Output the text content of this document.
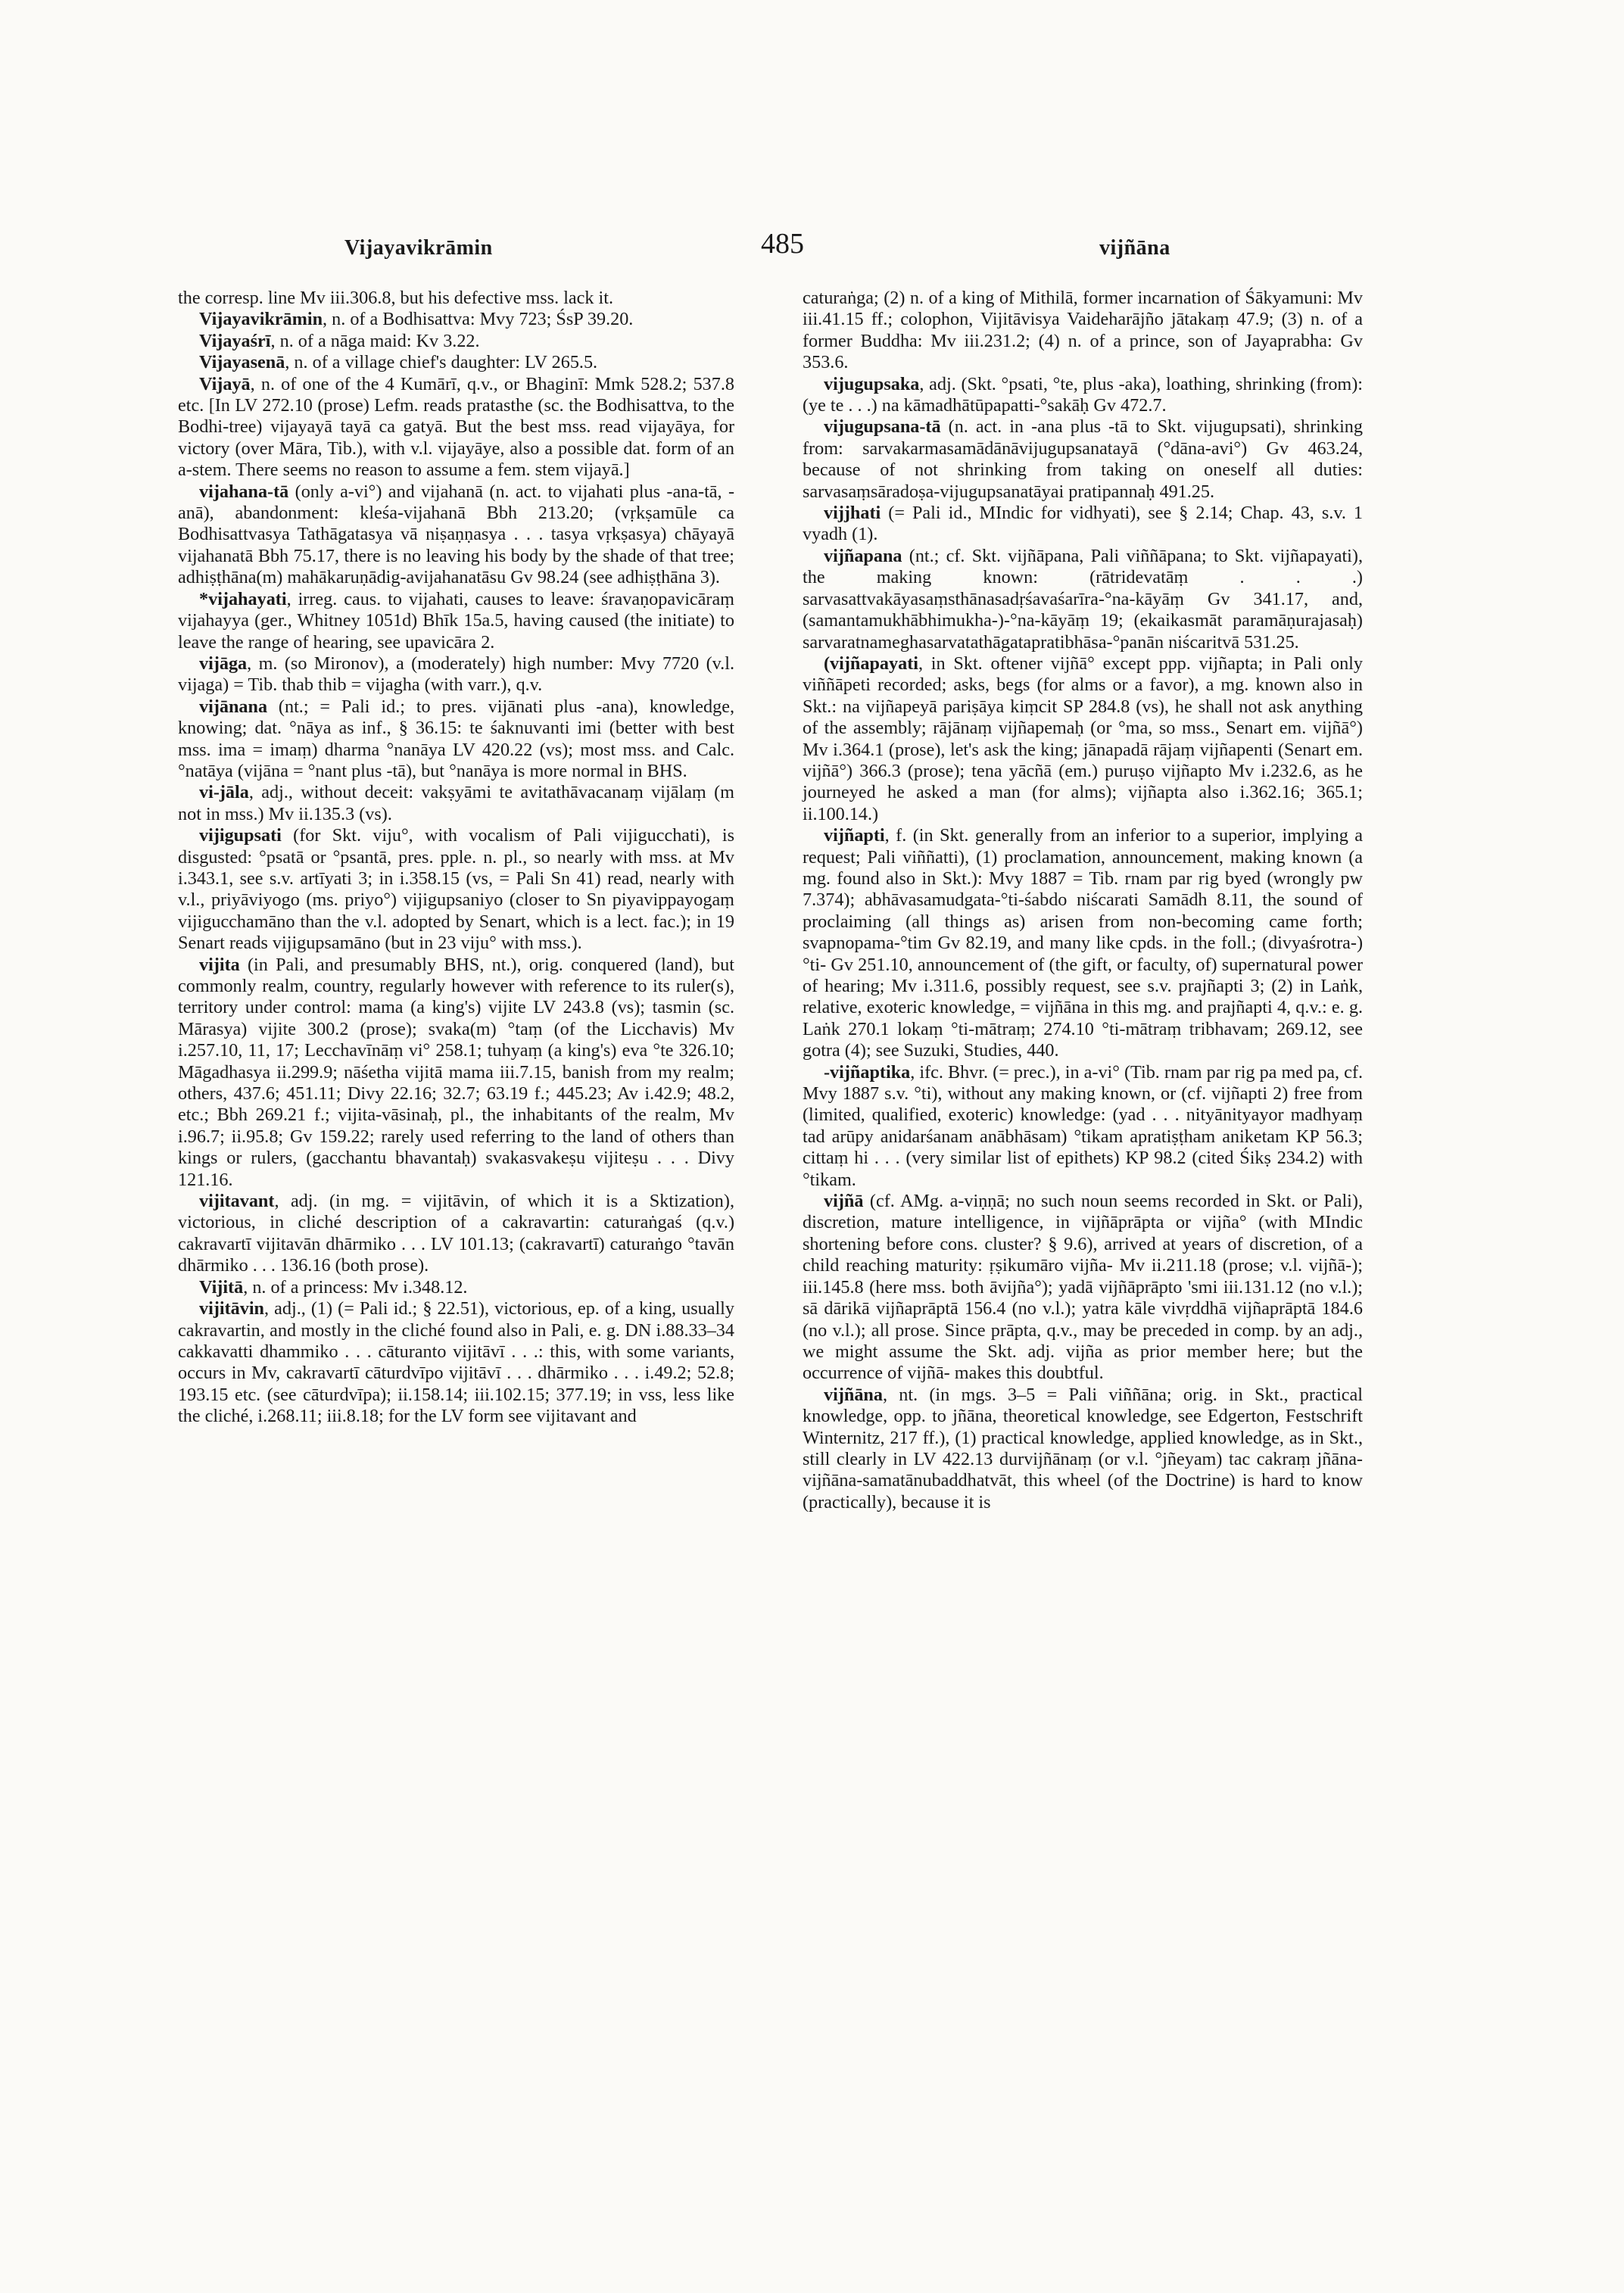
Vijayavikrāmin	485	vijñāna

the corresp. line Mv iii.306.8, but his defective mss. lack it.

Vijayavikrāmin, n. of a Bodhisattva: Mvy 723; ŚsP 39.20.

Vijayaśrī, n. of a nāga maid: Kv 3.22.

Vijayasenā, n. of a village chief's daughter: LV 265.5.

Vijayā, n. of one of the 4 Kumārī, q.v., or Bhaginī: Mmk 528.2; 537.8 etc. [In LV 272.10 (prose) Lefm. reads pratasthe (sc. the Bodhisattva, to the Bodhi-tree) vijayayā tayā ca gatyā. But the best mss. read vijayāya, for victory (over Māra, Tib.), with v.l. vijayāye, also a possible dat. form of an a-stem. There seems no reason to assume a fem. stem vijayā.]

vijahana-tā (only a-vi°) and vijahanā (n. act. to vijahati plus -ana-tā, -anā), abandonment: kleśa-vijahanā Bbh 213.20; (vṛkṣamūle ca Bodhisattvasya Tathāgatasya vā niṣaṇṇasya . . . tasya vṛkṣasya) chāyayā vijahanatā Bbh 75.17, there is no leaving his body by the shade of that tree; adhiṣṭhāna(m) mahākaruṇādig-avijahanatāsu Gv 98.24 (see adhiṣṭhāna 3).

*vijahayati, irreg. caus. to vijahati, causes to leave: śravaṇopavicāraṃ vijahayya (ger., Whitney 1051d) Bhīk 15a.5, having caused (the initiate) to leave the range of hearing, see upavicāra 2.

vijāga, m. (so Mironov), a (moderately) high number: Mvy 7720 (v.l. vijaga) = Tib. thab thib = vijagha (with varr.), q.v.

vijānana (nt.; = Pali id.; to pres. vijānati plus -ana), knowledge, knowing; dat. °nāya as inf., § 36.15: te śaknuvanti imi (better with best mss. ima = imaṃ) dharma °nanāya LV 420.22 (vs); most mss. and Calc. °natāya (vijāna = °nant plus -tā), but °nanāya is more normal in BHS.

vi-jāla, adj., without deceit: vakṣyāmi te avitathāvacanaṃ vijālaṃ (m not in mss.) Mv ii.135.3 (vs).

vijigupsati (for Skt. viju°, with vocalism of Pali vijigucchati), is disgusted: °psatā or °psantā, pres. pple. n. pl., so nearly with mss. at Mv i.343.1, see s.v. artīyati 3; in i.358.15 (vs, = Pali Sn 41) read, nearly with v.l., priyāviyogo (ms. priyo°) vijigupsaniyo (closer to Sn piyavippayogaṃ vijigucchamāno than the v.l. adopted by Senart, which is a lect. fac.); in 19 Senart reads vijigupsamāno (but in 23 viju° with mss.).

vijita (in Pali, and presumably BHS, nt.), orig. conquered (land), but commonly realm, country, regularly however with reference to its ruler(s), territory under control: mama (a king's) vijite LV 243.8 (vs); tasmin (sc. Mārasya) vijite 300.2 (prose); svaka(m) °taṃ (of the Licchavis) Mv i.257.10, 11, 17; Lecchavīnāṃ vi° 258.1; tuhyaṃ (a king's) eva °te 326.10; Māgadhasya ii.299.9; nāśetha vijitā mama iii.7.15, banish from my realm; others, 437.6; 451.11; Divy 22.16; 32.7; 63.19 f.; 445.23; Av i.42.9; 48.2, etc.; Bbh 269.21 f.; vijita-vāsinaḥ, pl., the inhabitants of the realm, Mv i.96.7; ii.95.8; Gv 159.22; rarely used referring to the land of others than kings or rulers, (gacchantu bhavantaḥ) svakasvakeṣu vijiteṣu . . . Divy 121.16.

vijitavant, adj. (in mg. = vijitāvin, of which it is a Sktization), victorious, in cliché description of a cakravartin: caturaṅgaś (q.v.) cakravartī vijitavān dhārmiko . . . LV 101.13; (cakravartī) caturaṅgo °tavān dhārmiko . . . 136.16 (both prose).

Vijitā, n. of a princess: Mv i.348.12.

vijitāvin, adj., (1) (= Pali id.; § 22.51), victorious, ep. of a king, usually cakravartin, and mostly in the cliché found also in Pali, e. g. DN i.88.33–34 cakkavatti dhammiko . . . cāturanto vijitāvī . . .: this, with some variants, occurs in Mv, cakravartī cāturdvīpo vijitāvī . . . dhārmiko . . . i.49.2; 52.8; 193.15 etc. (see cāturdvīpa); ii.158.14; iii.102.15; 377.19; in vss, less like the cliché, i.268.11; iii.8.18; for the LV form see vijitavant and

caturaṅga; (2) n. of a king of Mithilā, former incarnation of Śākyamuni: Mv iii.41.15 ff.; colophon, Vijitāvisya Vaideharājño jātakaṃ 47.9; (3) n. of a former Buddha: Mv iii.231.2; (4) n. of a prince, son of Jayaprabha: Gv 353.6.

vijugupsaka, adj. (Skt. °psati, °te, plus -aka), loathing, shrinking (from): (ye te . . .) na kāmadhātūpapatti-°sakāḥ Gv 472.7.

vijugupsana-tā (n. act. in -ana plus -tā to Skt. vijugupsati), shrinking from: sarvakarmasamādānāvijugupsanatayā (°dāna-avi°) Gv 463.24, because of not shrinking from taking on oneself all duties: sarvasaṃsāradoṣa-vijugupsanatāyai pratipannaḥ 491.25.

vijjhati (= Pali id., MIndic for vidhyati), see § 2.14; Chap. 43, s.v. 1 vyadh (1).

vijñapana (nt.; cf. Skt. vijñāpana, Pali viññāpana; to Skt. vijñapayati), the making known: (rātridevatāṃ . . .) sarvasattvakāyasaṃsthānasadṛśavaśarīra-°na-kāyāṃ Gv 341.17, and, (samantamukhābhimukha-)-°na-kāyāṃ 19; (ekaikasmāt paramāṇurajasaḥ) sarvaratnameghasarvatathāgatapratibhāsa-°panān niścaritvā 531.25.

(vijñapayati, in Skt. oftener vijñā° except ppp. vijñapta; in Pali only viññāpeti recorded; asks, begs (for alms or a favor), a mg. known also in Skt.: na vijñapeyā pariṣāya kiṃcit SP 284.8 (vs), he shall not ask anything of the assembly; rājānaṃ vijñapemaḥ (or °ma, so mss., Senart em. vijñā°) Mv i.364.1 (prose), let's ask the king; jānapadā rājaṃ vijñapenti (Senart em. vijñā°) 366.3 (prose); tena yācñā (em.) puruṣo vijñapto Mv i.232.6, as he journeyed he asked a man (for alms); vijñapta also i.362.16; 365.1; ii.100.14.)

vijñapti, f. (in Skt. generally from an inferior to a superior, implying a request; Pali viññatti), (1) proclamation, announcement, making known (a mg. found also in Skt.): Mvy 1887 = Tib. rnam par rig byed (wrongly pw 7.374); abhāvasamudgata-°ti-śabdo niścarati Samādh 8.11, the sound of proclaiming (all things as) arisen from non-becoming came forth; svapnopama-°tim Gv 82.19, and many like cpds. in the foll.; (divyaśrotra-)°ti- Gv 251.10, announcement of (the gift, or faculty, of) supernatural power of hearing; Mv i.311.6, possibly request, see s.v. prajñapti 3; (2) in Laṅk, relative, exoteric knowledge, = vijñāna in this mg. and prajñapti 4, q.v.: e. g. Laṅk 270.1 lokaṃ °ti-mātraṃ; 274.10 °ti-mātraṃ tribhavam; 269.12, see gotra (4); see Suzuki, Studies, 440.

-vijñaptika, ifc. Bhvr. (= prec.), in a-vi° (Tib. rnam par rig pa med pa, cf. Mvy 1887 s.v. °ti), without any making known, or (cf. vijñapti 2) free from (limited, qualified, exoteric) knowledge: (yad . . . nityānityayor madhyaṃ tad arūpy anidarśanam anābhāsam) °tikam apratiṣṭham aniketam KP 56.3; cittaṃ hi . . . (very similar list of epithets) KP 98.2 (cited Śikṣ 234.2) with °tikam.

vijñā (cf. AMg. a-viṇṇā; no such noun seems recorded in Skt. or Pali), discretion, mature intelligence, in vijñāprāpta or vijña° (with MIndic shortening before cons. cluster? § 9.6), arrived at years of discretion, of a child reaching maturity: ṛṣikumāro vijña- Mv ii.211.18 (prose; v.l. vijñā-); iii.145.8 (here mss. both āvijña°); yadā vijñāprāpto 'smi iii.131.12 (no v.l.); sā dārikā vijñaprāptā 156.4 (no v.l.); yatra kāle vivṛddhā vijñaprāptā 184.6 (no v.l.); all prose. Since prāpta, q.v., may be preceded in comp. by an adj., we might assume the Skt. adj. vijña as prior member here; but the occurrence of vijñā- makes this doubtful.

vijñāna, nt. (in mgs. 3–5 = Pali viññāna; orig. in Skt., practical knowledge, opp. to jñāna, theoretical knowledge, see Edgerton, Festschrift Winternitz, 217 ff.), (1) practical knowledge, applied knowledge, as in Skt., still clearly in LV 422.13 durvijñānaṃ (or v.l. °jñeyam) tac cakraṃ jñāna-vijñāna-samatānubaddhatvāt, this wheel (of the Doctrine) is hard to know (practically), because it is
